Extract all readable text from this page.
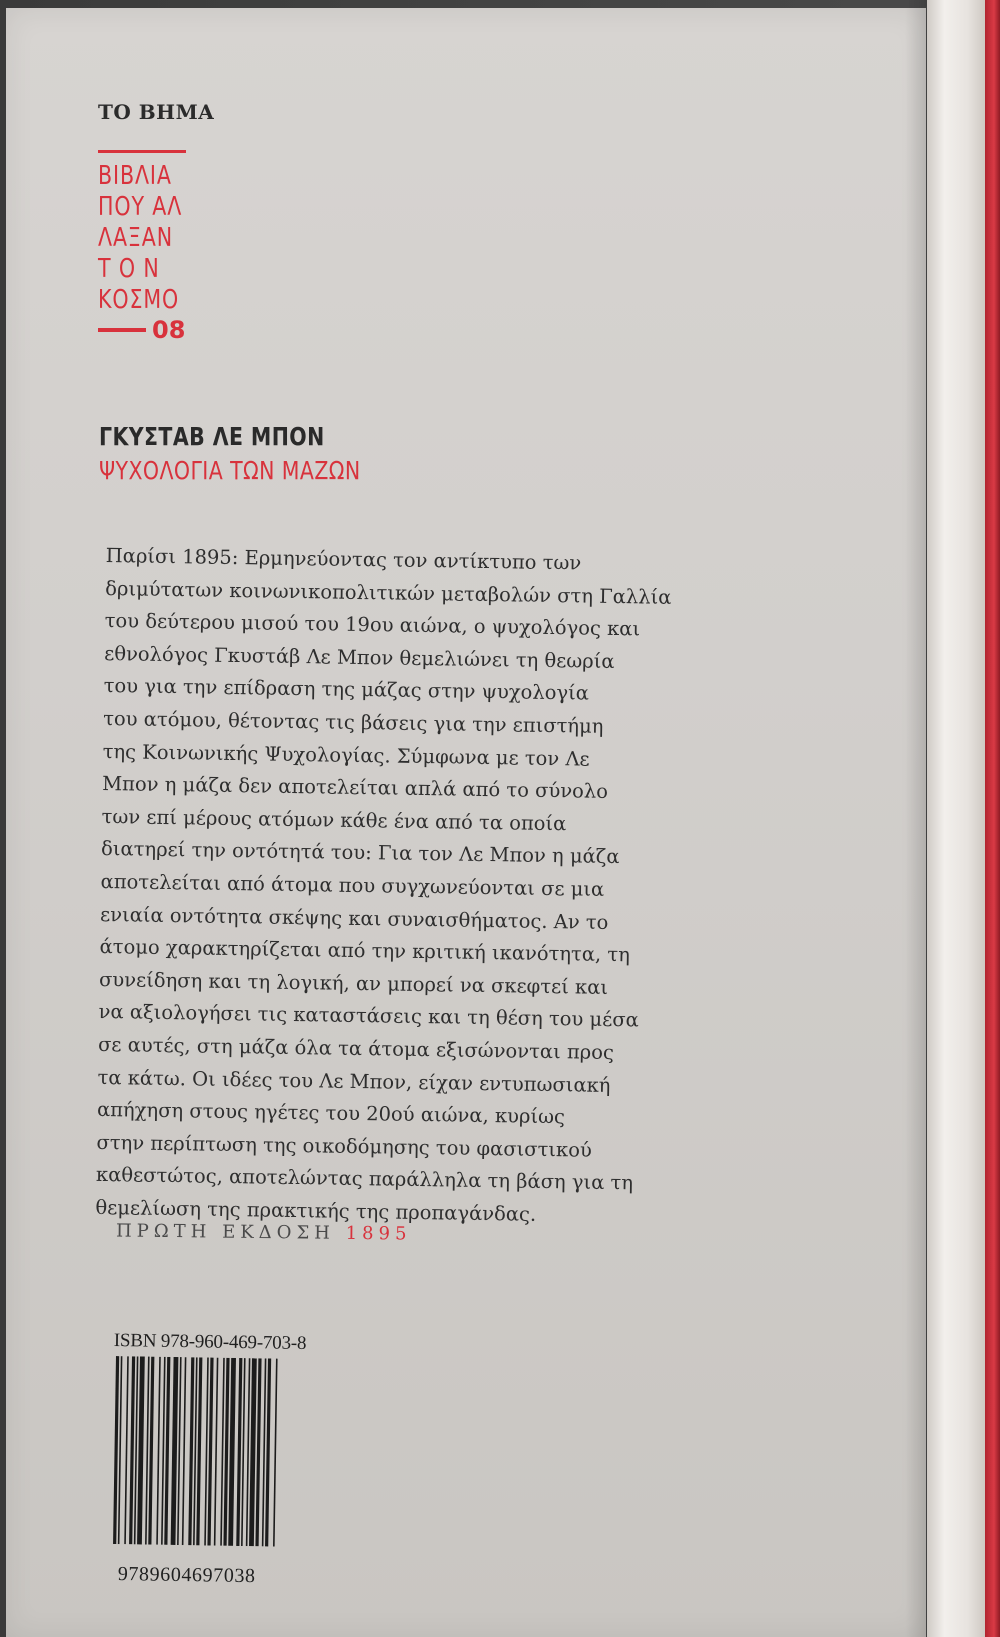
ΤΟ ΒΗΜΑ
ΒΙΒΛΙΑ
ΠΟΥ ΑΛ
ΛΑΞΑΝ
Τ Ο Ν
ΚΟΣΜΟ
08
ΓΚΥΣΤΑΒ ΛΕ ΜΠΟΝ
ΨΥΧΟΛΟΓΙΑ ΤΩΝ ΜΑΖΩΝ
Παρίσι 1895: Ερμηνεύοντας τον αντίκτυπο των
δριμύτατων κοινωνικοπολιτικών μεταβολών στη Γαλλία
του δεύτερου μισού του 19ου αιώνα, ο ψυχολόγος και
εθνολόγος Γκυστάβ Λε Μπον θεμελιώνει τη θεωρία
του για την επίδραση της μάζας στην ψυχολογία
του ατόμου, θέτοντας τις βάσεις για την επιστήμη
της Κοινωνικής Ψυχολογίας. Σύμφωνα με τον Λε
Μπον η μάζα δεν αποτελείται απλά από το σύνολο
των επί μέρους ατόμων κάθε ένα από τα οποία
διατηρεί την οντότητά του: Για τον Λε Μπον η μάζα
αποτελείται από άτομα που συγχωνεύονται σε μια
ενιαία οντότητα σκέψης και συναισθήματος. Αν το
άτομο χαρακτηρίζεται από την κριτική ικανότητα, τη
συνείδηση και τη λογική, αν μπορεί να σκεφτεί και
να αξιολογήσει τις καταστάσεις και τη θέση του μέσα
σε αυτές, στη μάζα όλα τα άτομα εξισώνονται προς
τα κάτω. Οι ιδέες του Λε Μπον, είχαν εντυπωσιακή
απήχηση στους ηγέτες του 20ού αιώνα, κυρίως
στην περίπτωση της οικοδόμησης του φασιστικού
καθεστώτος, αποτελώντας παράλληλα τη βάση για τη
θεμελίωση της πρακτικής της προπαγάνδας.
ΠΡΩΤΗ ΕΚΔΟΣΗ 1895
ISBN 978-960-469-703-8
9789604697038
